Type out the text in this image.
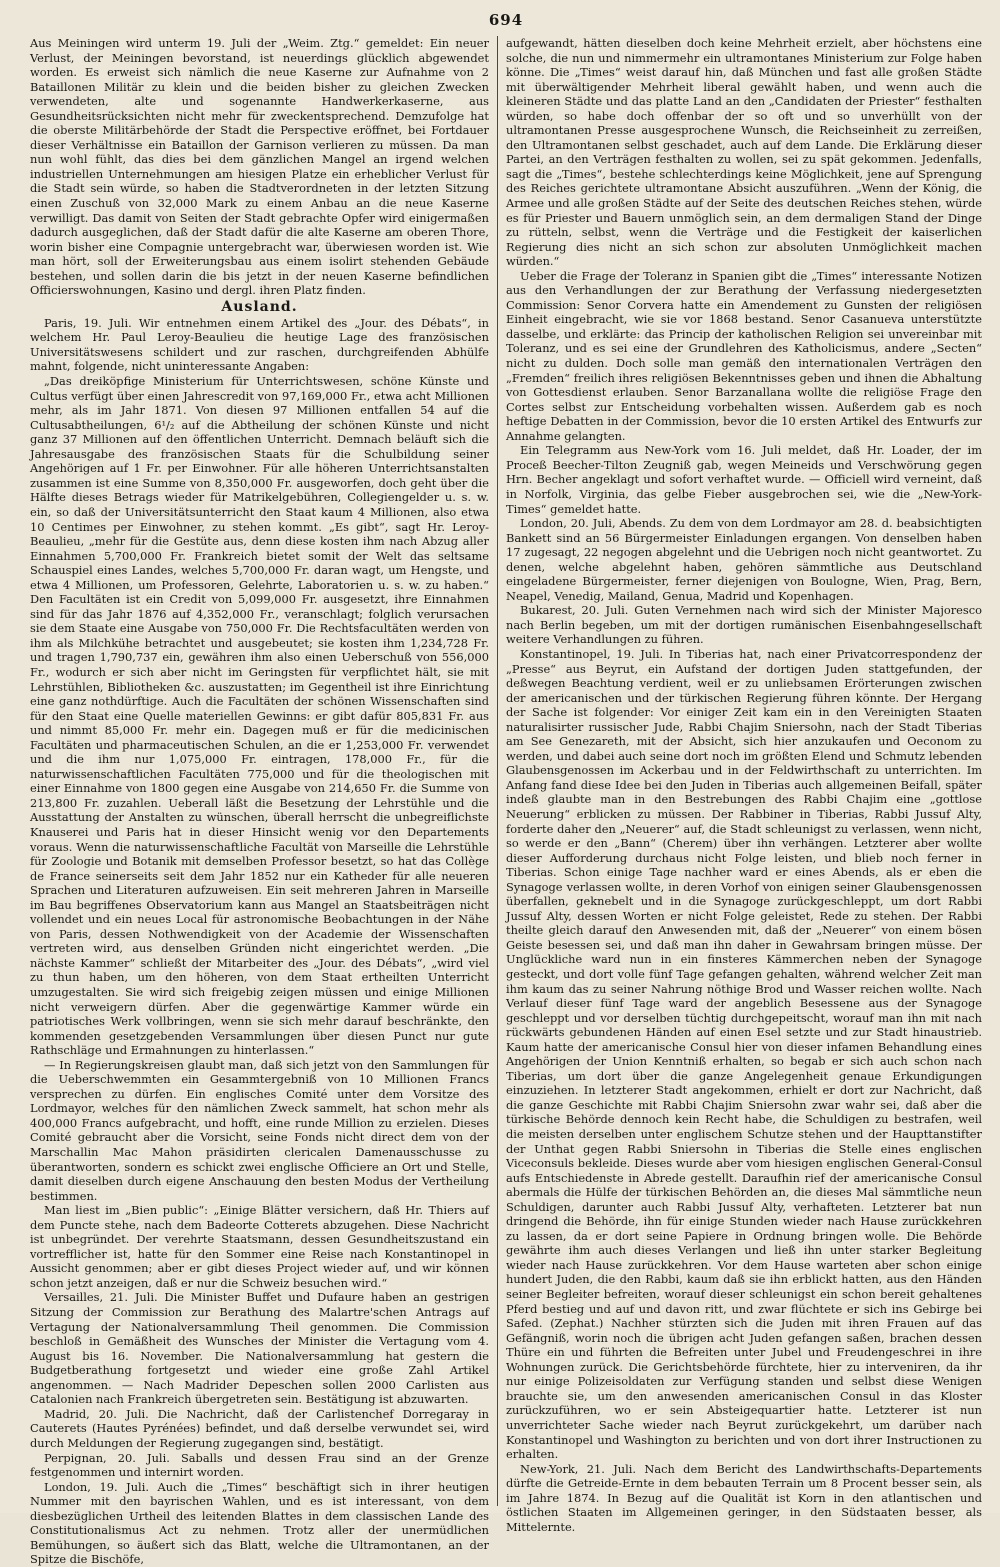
694

Aus Meiningen wird unterm 19. Juli der „Weim. Ztg.“ gemeldet: Ein neuer Verlust, der Meiningen bevorstand, ist neuerdings glücklich abgewendet worden. Es erweist sich nämlich die neue Kaserne zur Aufnahme von 2 Bataillonen Militär zu klein und die beiden bisher zu gleichen Zwecken verwendeten, alte und sogenannte Handwerkerkaserne, aus Gesundheitsrücksichten nicht mehr für zweckentsprechend. Demzufolge hat die oberste Militärbehörde der Stadt die Perspective eröffnet, bei Fortdauer dieser Verhältnisse ein Bataillon der Garnison verlieren zu müssen. Da man nun wohl fühlt, das dies bei dem gänzlichen Mangel an irgend welchen industriellen Unternehmungen am hiesigen Platze ein erheblicher Verlust für die Stadt sein würde, so haben die Stadtverordneten in der letzten Sitzung einen Zuschuß von 32,000 Mark zu einem Anbau an die neue Kaserne verwilligt. Das damit von Seiten der Stadt gebrachte Opfer wird einigermaßen dadurch ausgeglichen, daß der Stadt dafür die alte Kaserne am oberen Thore, worin bisher eine Compagnie untergebracht war, überwiesen worden ist. Wie man hört, soll der Erweiterungsbau aus einem isolirt stehenden Gebäude bestehen, und sollen darin die bis jetzt in der neuen Kaserne befindlichen Officierswohnungen, Kasino und dergl. ihren Platz finden.

Ausland.

Paris, 19. Juli. Wir entnehmen einem Artikel des „Jour. des Débats“, in welchem Hr. Paul Leroy-Beaulieu die heutige Lage des französischen Universitätswesens schildert und zur raschen, durchgreifenden Abhülfe mahnt, folgende, nicht uninteressante Angaben:

„Das dreiköpfige Ministerium für Unterrichtswesen, schöne Künste und Cultus verfügt über einen Jahrescredit von 97,169,000 Fr., etwa acht Millionen mehr, als im Jahr 1871. Von diesen 97 Millionen entfallen 54 auf die Cultusabtheilungen, 6¹/₂ auf die Abtheilung der schönen Künste und nicht ganz 37 Millionen auf den öffentlichen Unterricht. Demnach beläuft sich die Jahresausgabe des französischen Staats für die Schulbildung seiner Angehörigen auf 1 Fr. per Einwohner. Für alle höheren Unterrichtsanstalten zusammen ist eine Summe von 8,350,000 Fr. ausgeworfen, doch geht über die Hälfte dieses Betrags wieder für Matrikelgebühren, Collegiengelder u. s. w. ein, so daß der Universitätsunterricht den Staat kaum 4 Millionen, also etwa 10 Centimes per Einwohner, zu stehen kommt. „Es gibt“, sagt Hr. Leroy-Beaulieu, „mehr für die Gestüte aus, denn diese kosten ihm nach Abzug aller Einnahmen 5,700,000 Fr. Frankreich bietet somit der Welt das seltsame Schauspiel eines Landes, welches 5,700,000 Fr. daran wagt, um Hengste, und etwa 4 Millionen, um Professoren, Gelehrte, Laboratorien u. s. w. zu haben.“ Den Facultäten ist ein Credit von 5,099,000 Fr. ausgesetzt, ihre Einnahmen sind für das Jahr 1876 auf 4,352,000 Fr., veranschlagt; folglich verursachen sie dem Staate eine Ausgabe von 750,000 Fr. Die Rechtsfacultäten werden von ihm als Milchkühe betrachtet und ausgebeutet; sie kosten ihm 1,234,728 Fr. und tragen 1,790,737 ein, gewähren ihm also einen Ueberschuß von 556,000 Fr., wodurch er sich aber nicht im Geringsten für verpflichtet hält, sie mit Lehrstühlen, Bibliotheken &c. auszustatten; im Gegentheil ist ihre Einrichtung eine ganz nothdürftige. Auch die Facultäten der schönen Wissenschaften sind für den Staat eine Quelle materiellen Gewinns: er gibt dafür 805,831 Fr. aus und nimmt 85,000 Fr. mehr ein. Dagegen muß er für die medicinischen Facultäten und pharmaceutischen Schulen, an die er 1,253,000 Fr. verwendet und die ihm nur 1,075,000 Fr. eintragen, 178,000 Fr., für die naturwissenschaftlichen Facultäten 775,000 und für die theologischen mit einer Einnahme von 1800 gegen eine Ausgabe von 214,650 Fr. die Summe von 213,800 Fr. zuzahlen. Ueberall läßt die Besetzung der Lehrstühle und die Ausstattung der Anstalten zu wünschen, überall herrscht die unbegreiflichste Knauserei und Paris hat in dieser Hinsicht wenig vor den Departements voraus. Wenn die naturwissenschaftliche Facultät von Marseille die Lehrstühle für Zoologie und Botanik mit demselben Professor besetzt, so hat das Collège de France seinerseits seit dem Jahr 1852 nur ein Katheder für alle neueren Sprachen und Literaturen aufzuweisen. Ein seit mehreren Jahren in Marseille im Bau begriffenes Observatorium kann aus Mangel an Staatsbeiträgen nicht vollendet und ein neues Local für astronomische Beobachtungen in der Nähe von Paris, dessen Nothwendigkeit von der Academie der Wissenschaften vertreten wird, aus denselben Gründen nicht eingerichtet werden. „Die nächste Kammer“ schließt der Mitarbeiter des „Jour. des Débats“, „wird viel zu thun haben, um den höheren, von dem Staat ertheilten Unterricht umzugestalten. Sie wird sich freigebig zeigen müssen und einige Millionen nicht verweigern dürfen. Aber die gegenwärtige Kammer würde ein patriotisches Werk vollbringen, wenn sie sich mehr darauf beschränkte, den kommenden gesetzgebenden Versammlungen über diesen Punct nur gute Rathschläge und Ermahnungen zu hinterlassen.“

— In Regierungskreisen glaubt man, daß sich jetzt von den Sammlungen für die Ueberschwemmten ein Gesammtergebniß von 10 Millionen Francs versprechen zu dürfen. Ein englisches Comité unter dem Vorsitze des Lordmayor, welches für den nämlichen Zweck sammelt, hat schon mehr als 400,000 Francs aufgebracht, und hofft, eine runde Million zu erzielen. Dieses Comité gebraucht aber die Vorsicht, seine Fonds nicht direct dem von der Marschallin Mac Mahon präsidirten clericalen Damenausschusse zu überantworten, sondern es schickt zwei englische Officiere an Ort und Stelle, damit dieselben durch eigene Anschauung den besten Modus der Vertheilung bestimmen.

Man liest im „Bien public“: „Einige Blätter versichern, daß Hr. Thiers auf dem Puncte stehe, nach dem Badeorte Cotterets abzugehen. Diese Nachricht ist unbegründet. Der verehrte Staatsmann, dessen Gesundheitszustand ein vortrefflicher ist, hatte für den Sommer eine Reise nach Konstantinopel in Aussicht genommen; aber er gibt dieses Project wieder auf, und wir können schon jetzt anzeigen, daß er nur die Schweiz besuchen wird.“

Versailles, 21. Juli. Die Minister Buffet und Dufaure haben an gestrigen Sitzung der Commission zur Berathung des Malartre'schen Antrags auf Vertagung der Nationalversammlung Theil genommen. Die Commission beschloß in Gemäßheit des Wunsches der Minister die Vertagung vom 4. August bis 16. November. Die Nationalversammlung hat gestern die Budgetberathung fortgesetzt und wieder eine große Zahl Artikel angenommen. — Nach Madrider Depeschen sollen 2000 Carlisten aus Catalonien nach Frankreich übergetreten sein. Bestätigung ist abzuwarten.

Madrid, 20. Juli. Die Nachricht, daß der Carlistenchef Dorregaray in Cauterets (Hautes Pyrénées) befindet, und daß derselbe verwundet sei, wird durch Meldungen der Regierung zugegangen sind, bestätigt.

Perpignan, 20. Juli. Saballs und dessen Frau sind an der Grenze festgenommen und internirt worden.

London, 19. Juli. Auch die „Times“ beschäftigt sich in ihrer heutigen Nummer mit den bayrischen Wahlen, und es ist interessant, von dem diesbezüglichen Urtheil des leitenden Blattes in dem classischen Lande des Constitutionalismus Act zu nehmen. Trotz aller der unermüdlichen Bemühungen, so äußert sich das Blatt, welche die Ultramontanen, an der Spitze die Bischöfe,

aufgewandt, hätten dieselben doch keine Mehrheit erzielt, aber höchstens eine solche, die nun und nimmermehr ein ultramontanes Ministerium zur Folge haben könne. Die „Times“ weist darauf hin, daß München und fast alle großen Städte mit überwältigender Mehrheit liberal gewählt haben, und wenn auch die kleineren Städte und das platte Land an den „Candidaten der Priester“ festhalten würden, so habe doch offenbar der so oft und so unverhüllt von der ultramontanen Presse ausgesprochene Wunsch, die Reichseinheit zu zerreißen, den Ultramontanen selbst geschadet, auch auf dem Lande. Die Erklärung dieser Partei, an den Verträgen festhalten zu wollen, sei zu spät gekommen. Jedenfalls, sagt die „Times“, bestehe schlechterdings keine Möglichkeit, jene auf Sprengung des Reiches gerichtete ultramontane Absicht auszuführen. „Wenn der König, die Armee und alle großen Städte auf der Seite des deutschen Reiches stehen, würde es für Priester und Bauern unmöglich sein, an dem dermaligen Stand der Dinge zu rütteln, selbst, wenn die Verträge und die Festigkeit der kaiserlichen Regierung dies nicht an sich schon zur absoluten Unmöglichkeit machen würden.“

Ueber die Frage der Toleranz in Spanien gibt die „Times“ interessante Notizen aus den Verhandlungen der zur Berathung der Verfassung niedergesetzten Commission: Senor Corvera hatte ein Amendement zu Gunsten der religiösen Einheit eingebracht, wie sie vor 1868 bestand. Senor Casanueva unterstützte dasselbe, und erklärte: das Princip der katholischen Religion sei unvereinbar mit Toleranz, und es sei eine der Grundlehren des Katholicismus, andere „Secten“ nicht zu dulden. Doch solle man gemäß den internationalen Verträgen den „Fremden“ freilich ihres religiösen Bekenntnisses geben und ihnen die Abhaltung von Gottesdienst erlauben. Senor Barzanallana wollte die religiöse Frage den Cortes selbst zur Entscheidung vorbehalten wissen. Außerdem gab es noch heftige Debatten in der Commission, bevor die 10 ersten Artikel des Entwurfs zur Annahme gelangten.

Ein Telegramm aus New-York vom 16. Juli meldet, daß Hr. Loader, der im Proceß Beecher-Tilton Zeugniß gab, wegen Meineids und Verschwörung gegen Hrn. Becher angeklagt und sofort verhaftet wurde. — Officiell wird verneint, daß in Norfolk, Virginia, das gelbe Fieber ausgebrochen sei, wie die „New-York-Times“ gemeldet hatte.

London, 20. Juli, Abends. Zu dem von dem Lordmayor am 28. d. beabsichtigten Bankett sind an 56 Bürgermeister Einladungen ergangen. Von denselben haben 17 zugesagt, 22 negogen abgelehnt und die Uebrigen noch nicht geantwortet. Zu denen, welche abgelehnt haben, gehören sämmtliche aus Deutschland eingeladene Bürgermeister, ferner diejenigen von Boulogne, Wien, Prag, Bern, Neapel, Venedig, Mailand, Genua, Madrid und Kopenhagen.

Bukarest, 20. Juli. Guten Vernehmen nach wird sich der Minister Majoresco nach Berlin begeben, um mit der dortigen rumänischen Eisenbahngesellschaft weitere Verhandlungen zu führen.

Konstantinopel, 19. Juli. In Tiberias hat, nach einer Privatcorrespondenz der „Presse“ aus Beyrut, ein Aufstand der dortigen Juden stattgefunden, der deßwegen Beachtung verdient, weil er zu unliebsamen Erörterungen zwischen der americanischen und der türkischen Regierung führen könnte. Der Hergang der Sache ist folgender: Vor einiger Zeit kam ein in den Vereinigten Staaten naturalisirter russischer Jude, Rabbi Chajim Sniersohn, nach der Stadt Tiberias am See Genezareth, mit der Absicht, sich hier anzukaufen und Oeconom zu werden, und dabei auch seine dort noch im größten Elend und Schmutz lebenden Glaubensgenossen im Ackerbau und in der Feldwirthschaft zu unterrichten. Im Anfang fand diese Idee bei den Juden in Tiberias auch allgemeinen Beifall, später indeß glaubte man in den Bestrebungen des Rabbi Chajim eine „gottlose Neuerung“ erblicken zu müssen. Der Rabbiner in Tiberias, Rabbi Jussuf Alty, forderte daher den „Neuerer“ auf, die Stadt schleunigst zu verlassen, wenn nicht, so werde er den „Bann“ (Cherem) über ihn verhängen. Letzterer aber wollte dieser Aufforderung durchaus nicht Folge leisten, und blieb noch ferner in Tiberias. Schon einige Tage nachher ward er eines Abends, als er eben die Synagoge verlassen wollte, in deren Vorhof von einigen seiner Glaubensgenossen überfallen, geknebelt und in die Synagoge zurückgeschleppt, um dort Rabbi Jussuf Alty, dessen Worten er nicht Folge geleistet, Rede zu stehen. Der Rabbi theilte gleich darauf den Anwesenden mit, daß der „Neuerer“ von einem bösen Geiste besessen sei, und daß man ihn daher in Gewahrsam bringen müsse. Der Unglückliche ward nun in ein finsteres Kämmerchen neben der Synagoge gesteckt, und dort volle fünf Tage gefangen gehalten, während welcher Zeit man ihm kaum das zu seiner Nahrung nöthige Brod und Wasser reichen wollte. Nach Verlauf dieser fünf Tage ward der angeblich Besessene aus der Synagoge geschleppt und vor derselben tüchtig durchgepeitscht, worauf man ihn mit nach rückwärts gebundenen Händen auf einen Esel setzte und zur Stadt hinaustrieb. Kaum hatte der americanische Consul hier von dieser infamen Behandlung eines Angehörigen der Union Kenntniß erhalten, so begab er sich auch schon nach Tiberias, um dort über die ganze Angelegenheit genaue Erkundigungen einzuziehen. In letzterer Stadt angekommen, erhielt er dort zur Nachricht, daß die ganze Geschichte mit Rabbi Chajim Sniersohn zwar wahr sei, daß aber die türkische Behörde dennoch kein Recht habe, die Schuldigen zu bestrafen, weil die meisten derselben unter englischem Schutze stehen und der Haupttanstifter der Unthat gegen Rabbi Sniersohn in Tiberias die Stelle eines englischen Viceconsuls bekleide. Dieses wurde aber vom hiesigen englischen General-Consul aufs Entschiedenste in Abrede gestellt. Daraufhin rief der americanische Consul abermals die Hülfe der türkischen Behörden an, die dieses Mal sämmtliche neun Schuldigen, darunter auch Rabbi Jussuf Alty, verhafteten. Letzterer bat nun dringend die Behörde, ihn für einige Stunden wieder nach Hause zurückkehren zu lassen, da er dort seine Papiere in Ordnung bringen wolle. Die Behörde gewährte ihm auch dieses Verlangen und ließ ihn unter starker Begleitung wieder nach Hause zurückkehren. Vor dem Hause warteten aber schon einige hundert Juden, die den Rabbi, kaum daß sie ihn erblickt hatten, aus den Händen seiner Begleiter befreiten, worauf dieser schleunigst ein schon bereit gehaltenes Pferd bestieg und auf und davon ritt, und zwar flüchtete er sich ins Gebirge bei Safed. (Zephat.) Nachher stürzten sich die Juden mit ihren Frauen auf das Gefängniß, worin noch die übrigen acht Juden gefangen saßen, brachen dessen Thüre ein und führten die Befreiten unter Jubel und Freudengeschrei in ihre Wohnungen zurück. Die Gerichtsbehörde fürchtete, hier zu interveniren, da ihr nur einige Polizeisoldaten zur Verfügung standen und selbst diese Wenigen brauchte sie, um den anwesenden americanischen Consul in das Kloster zurückzuführen, wo er sein Absteigequartier hatte. Letzterer ist nun unverrichteter Sache wieder nach Beyrut zurückgekehrt, um darüber nach Konstantinopel und Washington zu berichten und von dort ihrer Instructionen zu erhalten.

New-York, 21. Juli. Nach dem Bericht des Landwirthschafts-Departements dürfte die Getreide-Ernte in dem bebauten Terrain um 8 Procent besser sein, als im Jahre 1874. In Bezug auf die Qualität ist Korn in den atlantischen und östlichen Staaten im Allgemeinen geringer, in den Südstaaten besser, als Mittelernte.
